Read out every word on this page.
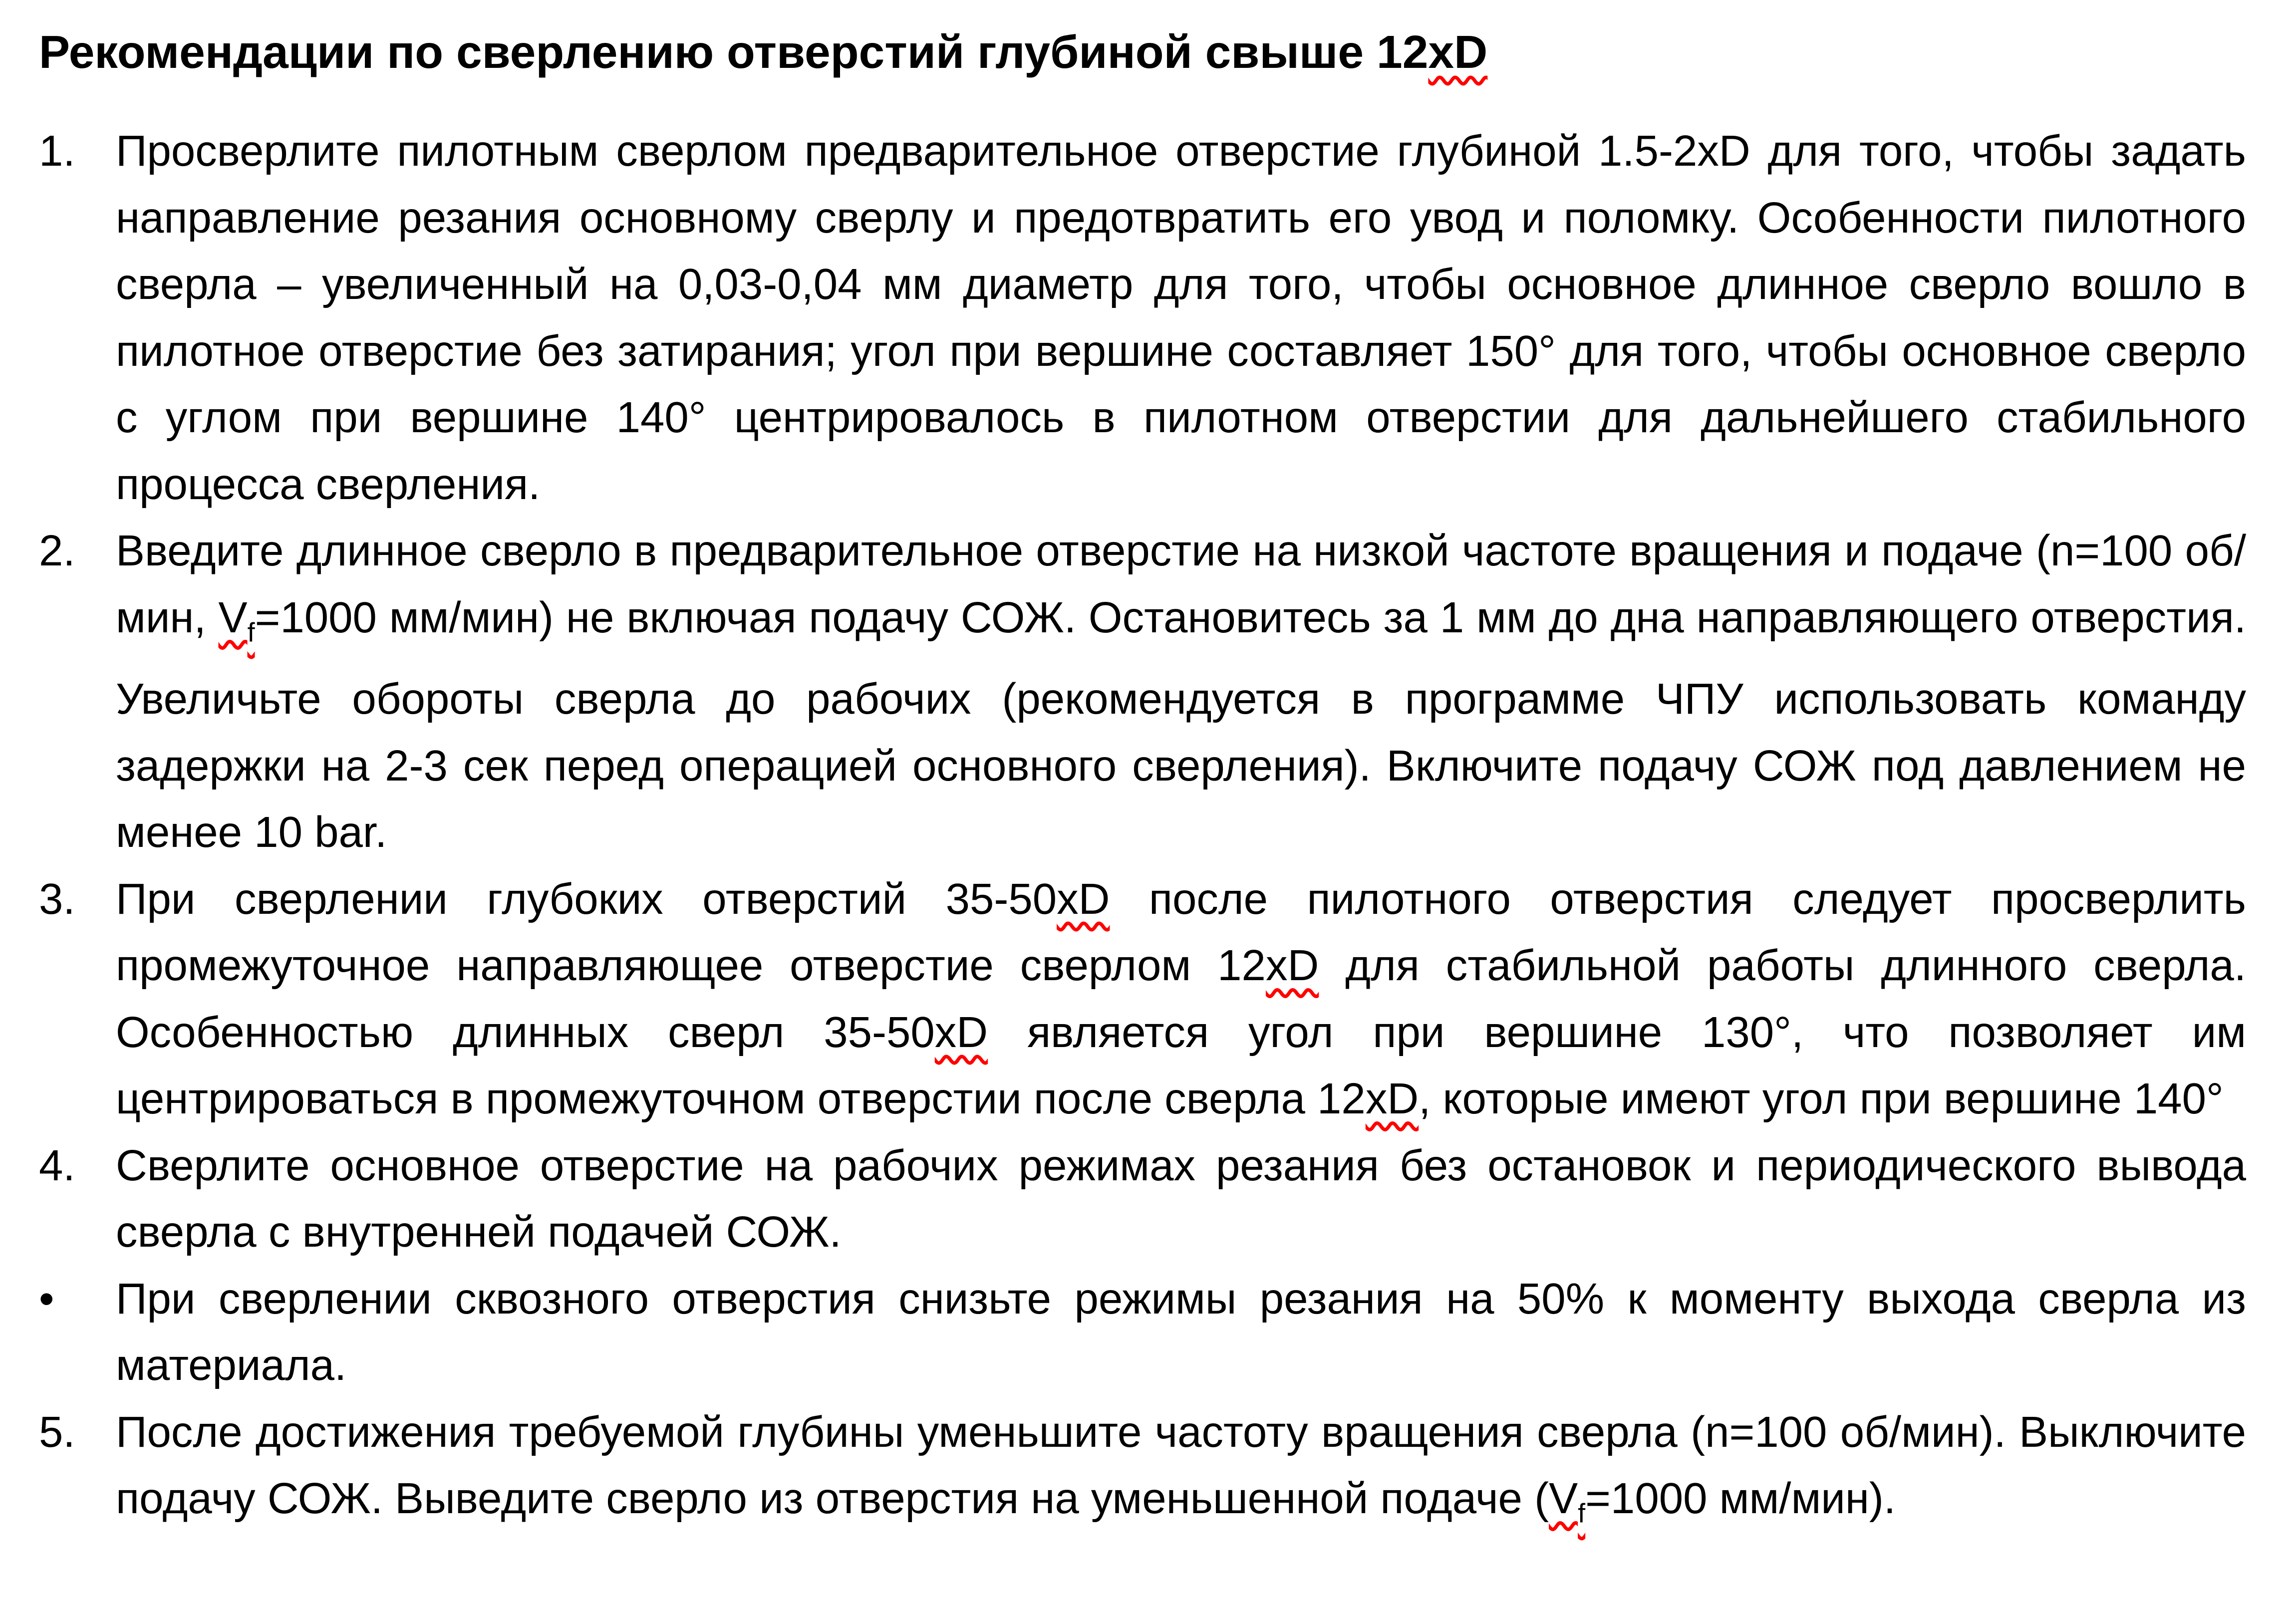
Рекомендации по сверлению отверстий глубиной свыше 12xD
1. Просверлите пилотным сверлом предварительное отверстие глубиной 1.5-2xD для того, чтобы задать направление резания основному сверлу и предотвратить его увод и поломку. Особенности пилотного сверла – увеличенный на 0,03-0,04 мм диаметр для того, чтобы основное длинное сверло вошло в пилотное отверстие без затирания; угол при вершине составляет 150° для того, чтобы основное сверло с углом при вершине 140° центрировалось в пилотном отверстии для дальнейшего стабильного процесса сверления.
2. Введите длинное сверло в предварительное отверстие на низкой частоте вращения и подаче (n=100 об/мин, $V_f=1000$ мм/мин) не включая подачу СОЖ. Остановитесь за 1 мм до дна направляющего отверстия. Увеличьте обороты сверла до рабочих (рекомендуется в программе ЧПУ использовать команду задержки на 2-3 сек перед операцией основного сверления). Включите подачу СОЖ под давлением не менее 10 bar.
3. При сверлении глубоких отверстий 35-50xD после пилотного отверстия следует просверлить промежуточное направляющее отверстие сверлом 12xD для стабильной работы длинного сверла. Особенностью длинных сверл 35-50xD является угол при вершине 130°, что позволяет им центрироваться в промежуточном отверстии после сверла 12xD, которые имеют угол при вершине 140°
4. Сверлите основное отверстие на рабочих режимах резания без остановок и периодического вывода сверла с внутренней подачей СОЖ.
• При сверлении сквозного отверстия снизьте режимы резания на 50% к моменту выхода сверла из материала.
5. После достижения требуемой глубины уменьшите частоту вращения сверла (n=100 об/мин). Выключите подачу СОЖ. Выведите сверло из отверстия на уменьшенной подаче ($V_f=1000$ мм/мин).
